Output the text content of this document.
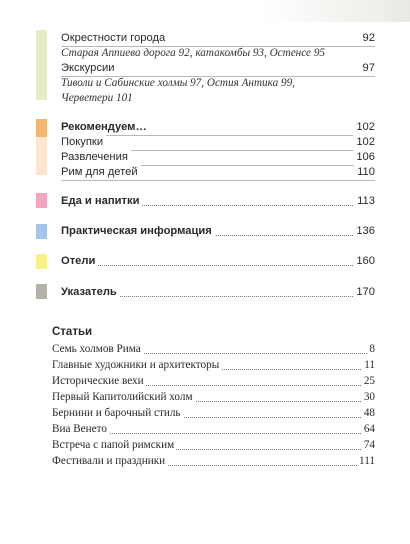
Окрестности города	92
Старая Аппиева дорога 92, катакомбы 93, Остенсе 95
Экскурсии	97
Тиволи и Сабинские холмы 97, Остия Антика 99,
Черветери 101
Рекомендуем…	102
Покупки	102
Развлечения	106
Рим для детей	110
Еда и напитки	113
Практическая информация	136
Отели	160
Указатель	170
Статьи
Семь холмов Рима	8
Главные художники и архитекторы	11
Исторические вехи	25
Первый Капитолийский холм	30
Бернини и барочный стиль	48
Виа Венето	64
Встреча с папой римским	74
Фестивали и праздники	111
